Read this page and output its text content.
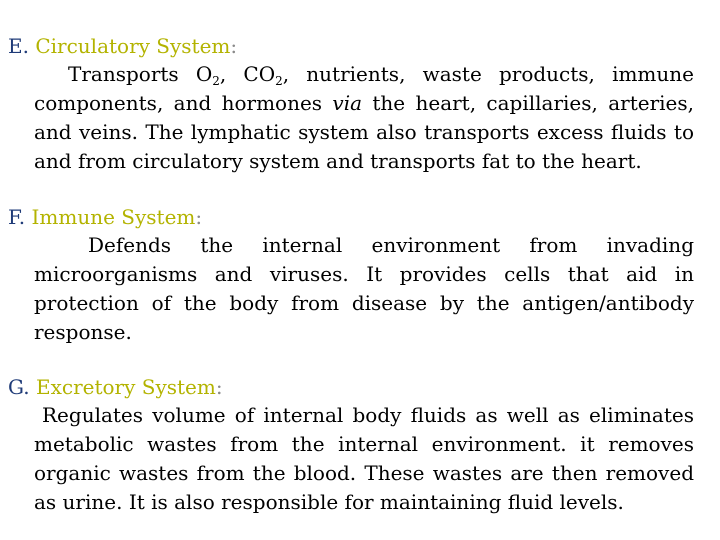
E. Circulatory System:
Transports $O_2$, $CO_2$, nutrients, waste products, immune components, and hormones via the heart, capillaries, arteries, and veins. The lymphatic system also transports excess fluids to and from circulatory system and transports fat to the heart.
F. Immune System:
Defends the internal environment from invading microorganisms and viruses. It provides cells that aid in protection of the body from disease by the antigen/antibody response.
G. Excretory System:
Regulates volume of internal body fluids as well as eliminates metabolic wastes from the internal environment. it removes organic wastes from the blood. These wastes are then removed as urine. It is also responsible for maintaining fluid levels.
